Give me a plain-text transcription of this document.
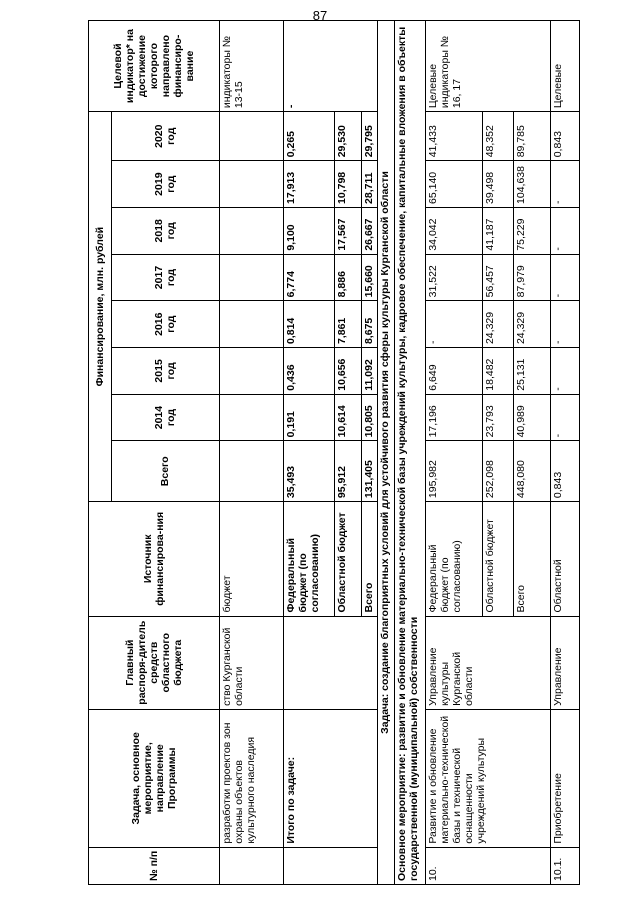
87
№ п/п	Задача, основное мероприятие, направление Программы	Главный распоря-дитель средств областного бюджета	Источник финансирова-ния	Финансирование, млн. рублей								Целевой индикатор* на достижение которого направлено финансиро-вание
				Всего	2014 год	2015 год	2016 год	2017 год	2018 год	2019 год	2020 год	
	разработки проектов зон охраны объектов культурного наследия	ство Курганской области	бюджет									индикаторы № 13-15
	Итого по задаче:		Федеральный бюджет (по согласованию)	35,493	0,191	0,436	0,814	6,774	9,100	17,913	0,265	-
			Областной бюджет	95,912	10,614	10,656	7,861	8,886	17,567	10,798	29,530	
			Всего	131,405	10,805	11,092	8,675	15,660	26,667	28,711	29,795	
Задача: создание благоприятных условий для устойчивого развития сферы культуры Курганской области												
Основное мероприятие: развитие и обновление материально-технической базы учреждений культуры, кадровое обеспечение, капитальные вложения в объекты государственной (муниципальной) собственности												
10.	Развитие и обновление материально-технической базы и технической оснащенности учреждений культуры	Управление культуры Курганской области	Федеральный бюджет (по согласованию)	195,982	17,196	6,649	-	31,522	34,042	65,140	41,433	Целевые индикаторы № 16, 17
			Областной бюджет	252,098	23,793	18,482	24,329	56,457	41,187	39,498	48,352	
			Всего	448,080	40,989	25,131	24,329	87,979	75,229	104,638	89,785	
10.1.	Приобретение	Управление	Областной	0,843	-	-	-	-	-	-	0,843	Целевые
